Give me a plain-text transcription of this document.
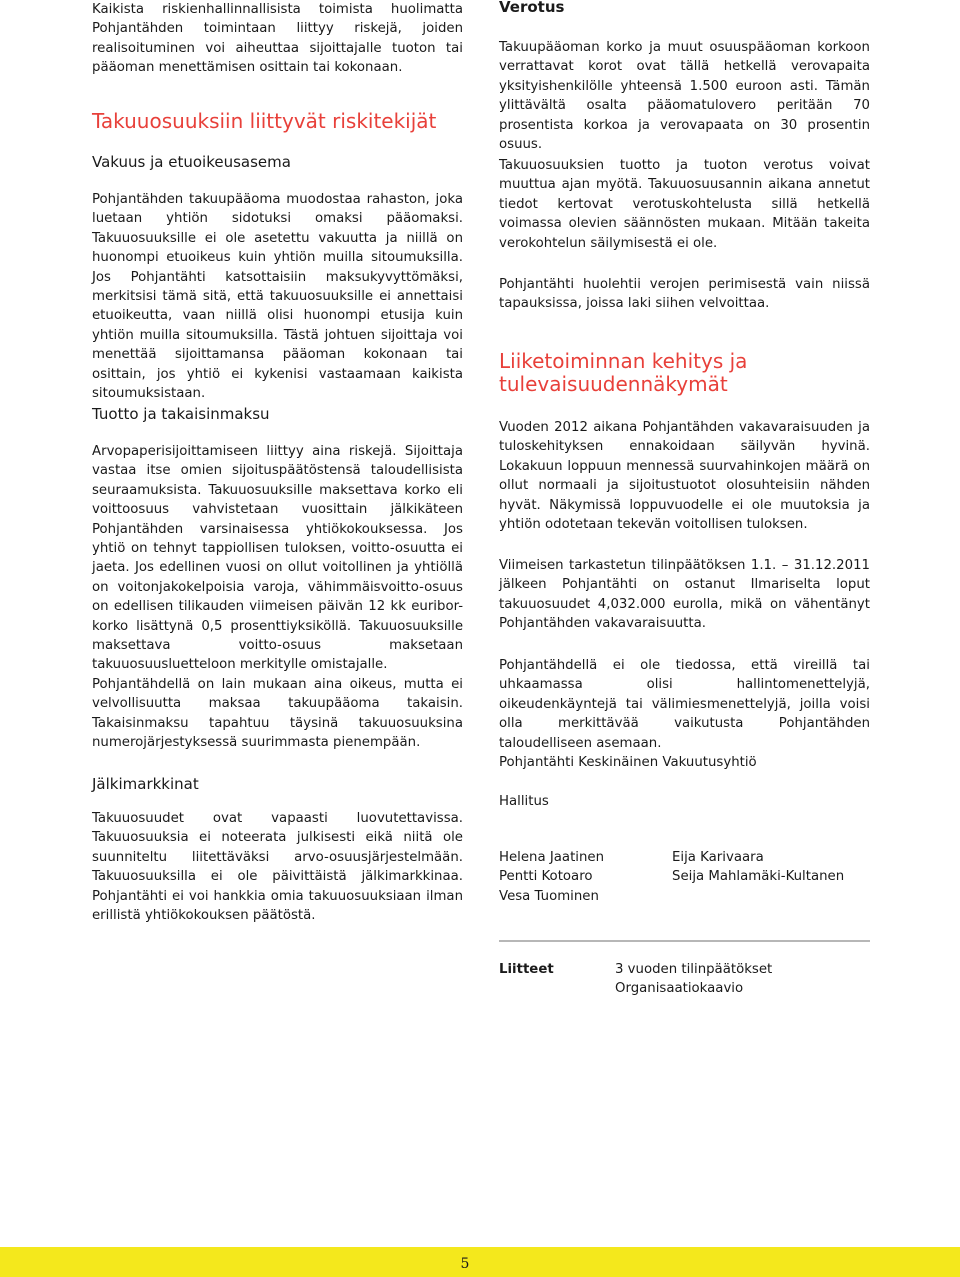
Kaikista riskienhallinnallisista toimista huolimatta Pohjantähden toimintaan liittyy riskejä, joiden realisoituminen voi aiheuttaa sijoittajalle tuoton tai pääoman menettämisen osittain tai kokonaan.

Takuuosuuksiin liittyvät riskitekijät
Vakuus ja etuoikeusasema

Pohjantähden takuupääoma muodostaa rahaston, joka luetaan yhtiön sidotuksi omaksi pääomaksi. Takuuosuuksille ei ole asetettu vakuutta ja niillä on huonompi etuoikeus kuin yhtiön muilla sitoumuksilla. Jos Pohjantähti katsottaisiin maksukyvyttömäksi, merkitsisi tämä sitä, että takuuosuuksille ei annettaisi etuoikeutta, vaan niillä olisi huonompi etusija kuin yhtiön muilla sitoumuksilla. Tästä johtuen sijoittaja voi menettää sijoittamansa pääoman kokonaan tai osittain, jos yhtiö ei kykenisi vastaamaan kaikista sitoumuksistaan.

Tuotto ja takaisinmaksu

Arvopaperisijoittamiseen liittyy aina riskejä. Sijoittaja vastaa itse omien sijoituspäätöstensä taloudellisista seuraamuksista. Takuuosuuksille maksettava korko eli voittoosuus vahvistetaan vuosittain jälkikäteen Pohjantähden varsinaisessa yhtiökokouksessa. Jos yhtiö on tehnyt tappiollisen tuloksen, voitto-osuutta ei jaeta. Jos edellinen vuosi on ollut voitollinen ja yhtiöllä on voitonjakokelpoisia varoja, vähimmäisvoitto-osuus on edellisen tilikauden viimeisen päivän 12 kk euribor-korko lisättynä 0,5 prosenttiyksiköllä. Takuuosuuksille maksettava voitto-osuus maksetaan takuuosuusluetteloon merkitylle omistajalle.

Pohjantähdellä on lain mukaan aina oikeus, mutta ei velvollisuutta maksaa takuupääoma takaisin. Takaisinmaksu tapahtuu täysinä takuuosuuksina numerojärjestyksessä suurimmasta pienempään.

Jälkimarkkinat

Takuuosuudet ovat vapaasti luovutettavissa. Takuuosuuksia ei noteerata julkisesti eikä niitä ole suunniteltu liitettäväksi arvo-osuusjärjestelmään. Takuuosuuksilla ei ole päivittäistä jälkimarkkinaa. Pohjantähti ei voi hankkia omia takuuosuuksiaan ilman erillistä yhtiökokouksen päätöstä.

Verotus

Takuupääoman korko ja muut osuuspääoman korkoon verrattavat korot ovat tällä hetkellä verovapaita yksityishenkilölle yhteensä 1.500 euroon asti. Tämän ylittävältä osalta pääomatulovero peritään 70 prosentista korkoa ja verovapaata on 30 prosentin osuus.

Takuuosuuksien tuotto ja tuoton verotus voivat muuttua ajan myötä. Takuuosuusannin aikana annetut tiedot kertovat verotuskohtelusta sillä hetkellä voimassa olevien säännösten mukaan. Mitään takeita verokohtelun säilymisestä ei ole.

Pohjantähti huolehtii verojen perimisestä vain niissä tapauksissa, joissa laki siihen velvoittaa.

Liiketoiminnan kehitys ja tulevaisuudennäkymät

Vuoden 2012 aikana Pohjantähden vakavaraisuuden ja tuloskehityksen ennakoidaan säilyvän hyvinä. Lokakuun loppuun mennessä suurvahinkojen määrä on ollut normaali ja sijoitustuotot olosuhteisiin nähden hyvät. Näkymissä loppuvuodelle ei ole muutoksia ja yhtiön odotetaan tekevän voitollisen tuloksen.

Viimeisen tarkastetun tilinpäätöksen 1.1. – 31.12.2011 jälkeen Pohjantähti on ostanut Ilmariselta loput takuuosuudet 4,032.000 eurolla, mikä on vähentänyt Pohjantähden vakavaraisuutta.

Pohjantähdellä ei ole tiedossa, että vireillä tai uhkaamassa olisi hallintomenettelyjä, oikeudenkäyntejä tai välimiesmenettelyjä, joilla voisi olla merkittävää vaikutusta Pohjantähden taloudelliseen asemaan.

Pohjantähti Keskinäinen Vakuutusyhtiö

Hallitus

Helena Jaatinen
Pentti Kotoaro
Vesa Tuominen
Eija Karivaara
Seija Mahlamäki-Kultanen
Liitteet	3 vuoden tilinpäätökset
Organisaatiokaavio
5
